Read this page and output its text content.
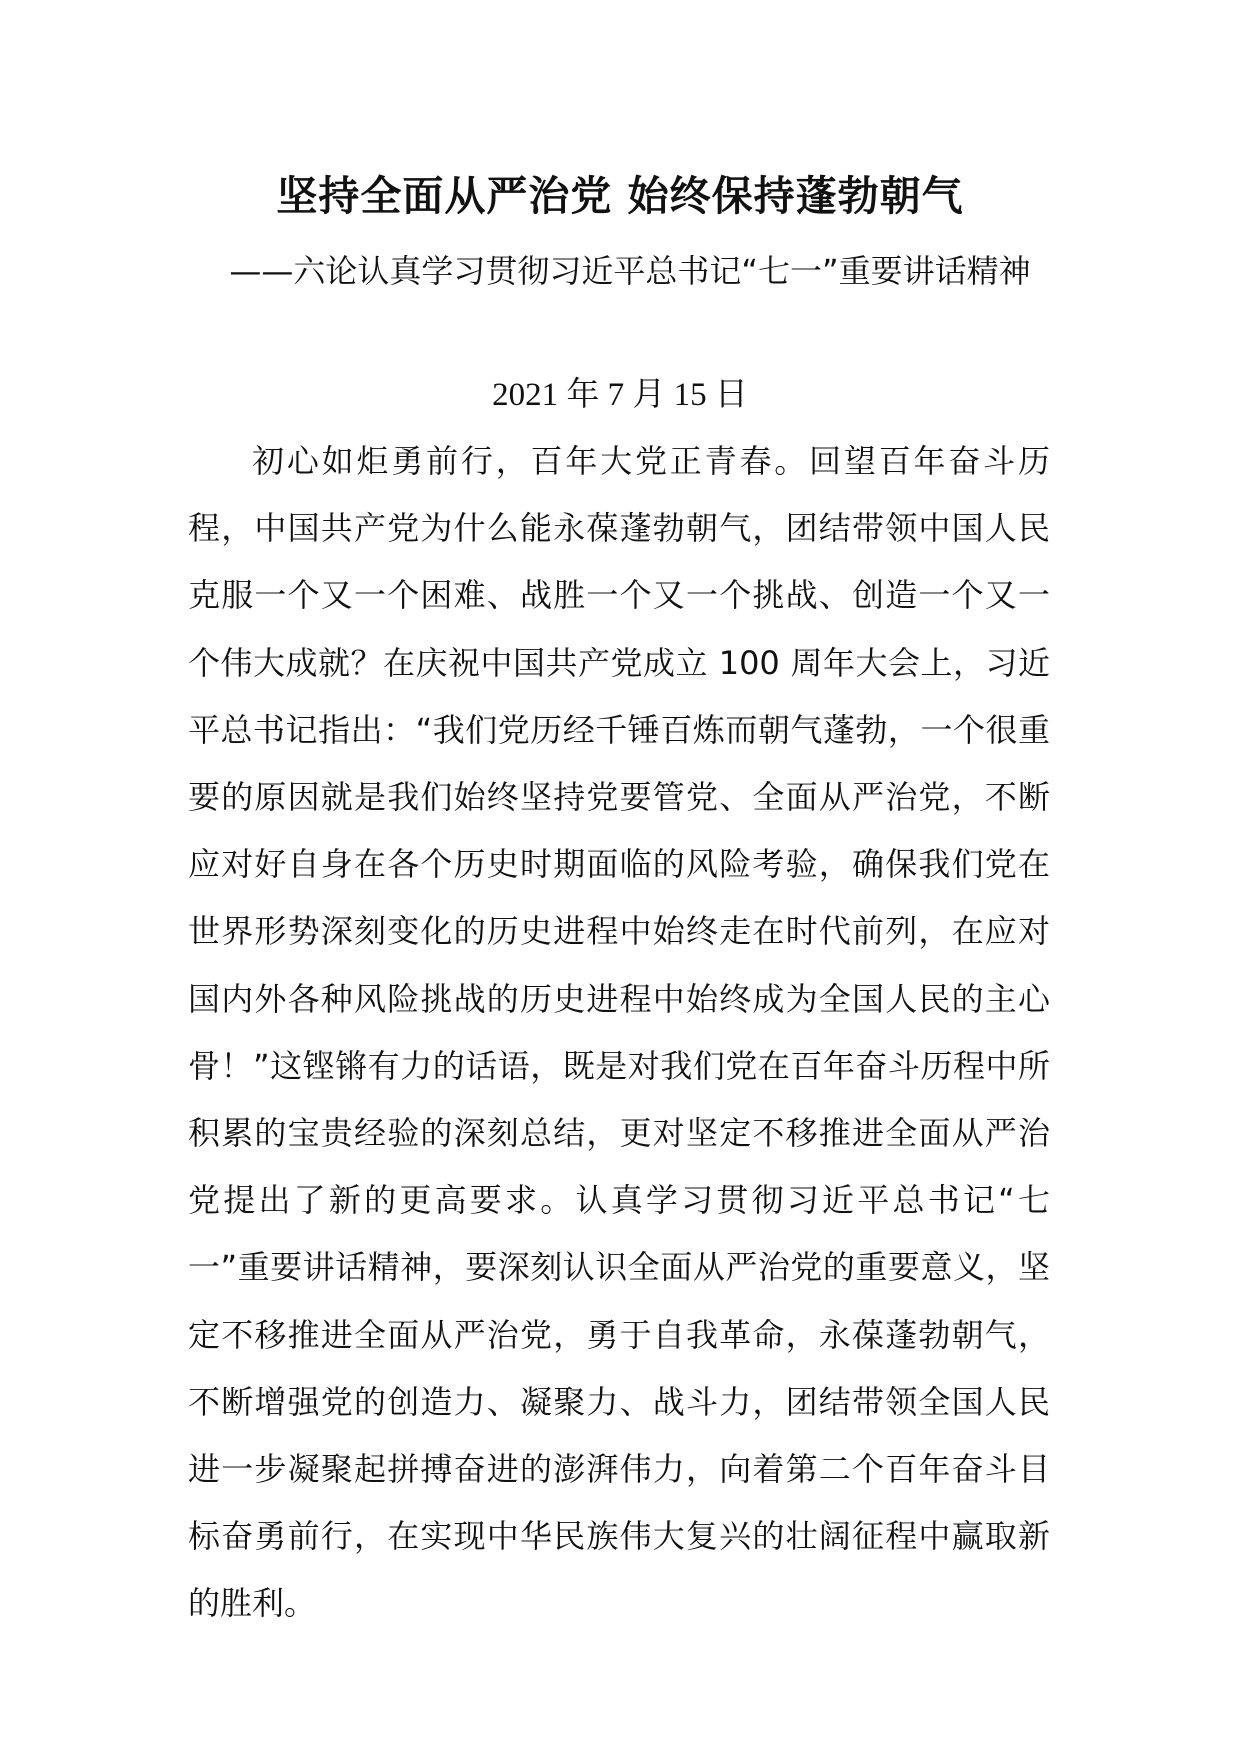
坚持全面从严治党 始终保持蓬勃朝气
——六论认真学习贯彻习近平总书记“七一”重要讲话精神
2021 年 7 月 15 日

初心如炬勇前行，百年大党正青春。回望百年奋斗历程，中国共产党为什么能永葆蓬勃朝气，团结带领中国人民克服一个又一个困难、战胜一个又一个挑战、创造一个又一个伟大成就？在庆祝中国共产党成立 100 周年大会上，习近平总书记指出：“我们党历经千锤百炼而朝气蓬勃，一个很重要的原因就是我们始终坚持党要管党、全面从严治党，不断应对好自身在各个历史时期面临的风险考验，确保我们党在世界形势深刻变化的历史进程中始终走在时代前列，在应对国内外各种风险挑战的历史进程中始终成为全国人民的主心骨！”这铿锵有力的话语，既是对我们党在百年奋斗历程中所积累的宝贵经验的深刻总结，更对坚定不移推进全面从严治党提出了新的更高要求。认真学习贯彻习近平总书记“七一”重要讲话精神，要深刻认识全面从严治党的重要意义，坚定不移推进全面从严治党，勇于自我革命，永葆蓬勃朝气，不断增强党的创造力、凝聚力、战斗力，团结带领全国人民进一步凝聚起拼搏奋进的澎湃伟力，向着第二个百年奋斗目标奋勇前行，在实现中华民族伟大复兴的壮阔征程中赢取新的胜利。
